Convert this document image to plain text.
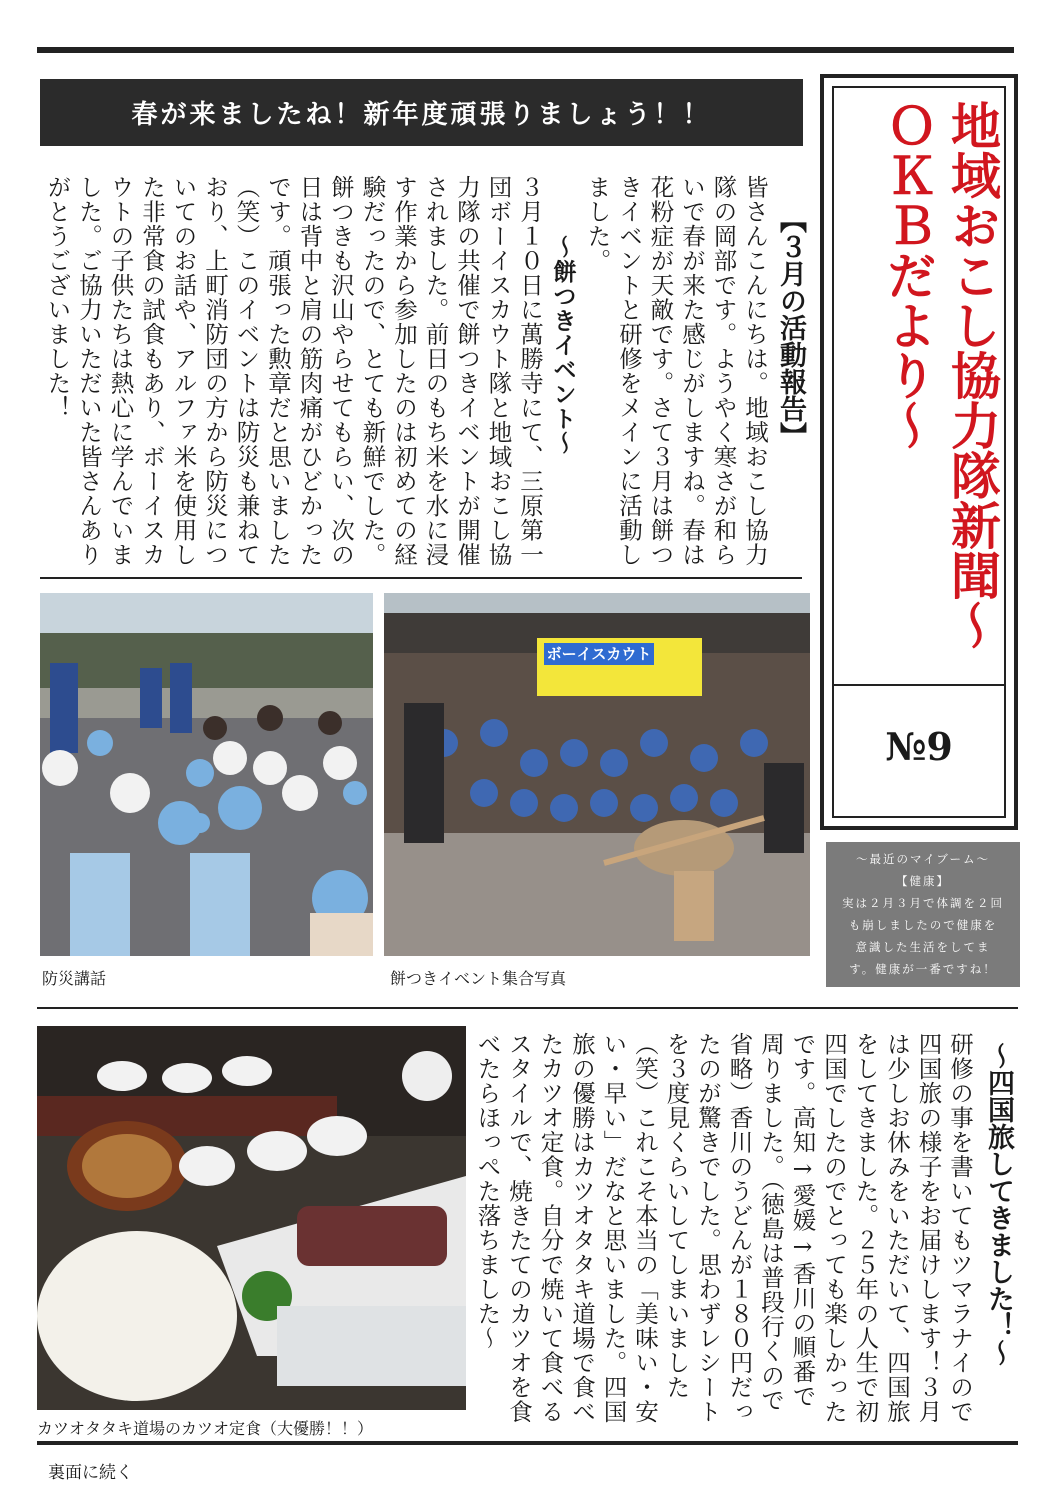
春が来ましたね！新年度頑張りましょう！！	地域おこし協力隊新聞〜ＯＫＢだより〜
№9
〜最近のマイブーム〜
【健康】
実は２月３月で体調を２回
も崩しましたので健康を
意識した生活をしてま
す。健康が一番ですね！
【３月の活動報告】
皆さんこんにちは。地域おこし協力隊の岡部です。ようやく寒さが和らいで春が来た感じがしますね。春は花粉症が天敵です。さて３月は餅つきイベントと研修をメインに活動しました。
〜餅つきイベント〜
３月１０日に萬勝寺にて、三原第一団ボーイスカウト隊と地域おこし協力隊の共催で餅つきイベントが開催されました。前日のもち米を水に浸す作業から参加したのは初めての経験だったので、とても新鮮でした。餅つきも沢山やらせてもらい、次の日は背中と肩の筋肉痛がひどかったです。頑張った勲章だと思いました（笑）このイベントは防災も兼ねており、上町消防団の方から防災についてのお話や、アルファ米を使用した非常食の試食もあり、ボーイスカウトの子供たちは熱心に学んでいました。ご協力いただいた皆さんありがとうございました！
防災講話
ボーイスカウト
餅つきイベント集合写真
カツオタタキ道場のカツオ定食（大優勝！！）
〜四国旅してきました！〜
研修の事を書いてもツマラナイので四国旅の様子をお届けします！３月は少しお休みをいただいて、四国旅をしてきました。２５年の人生で初四国でしたのでとっても楽しかったです。高知→愛媛→香川の順番で周りました。（徳島は普段行くので省略）香川のうどんが１８０円だったのが驚きでした。思わずレシートを３度見くらいしてしまいました（笑）これこそ本当の「美味い・安い・早い」だなと思いました。四国旅の優勝はカツオタタキ道場で食べたカツオ定食。自分で焼いて食べるスタイルで、焼きたてのカツオを食べたらほっぺた落ちました〜
裏面に続く
